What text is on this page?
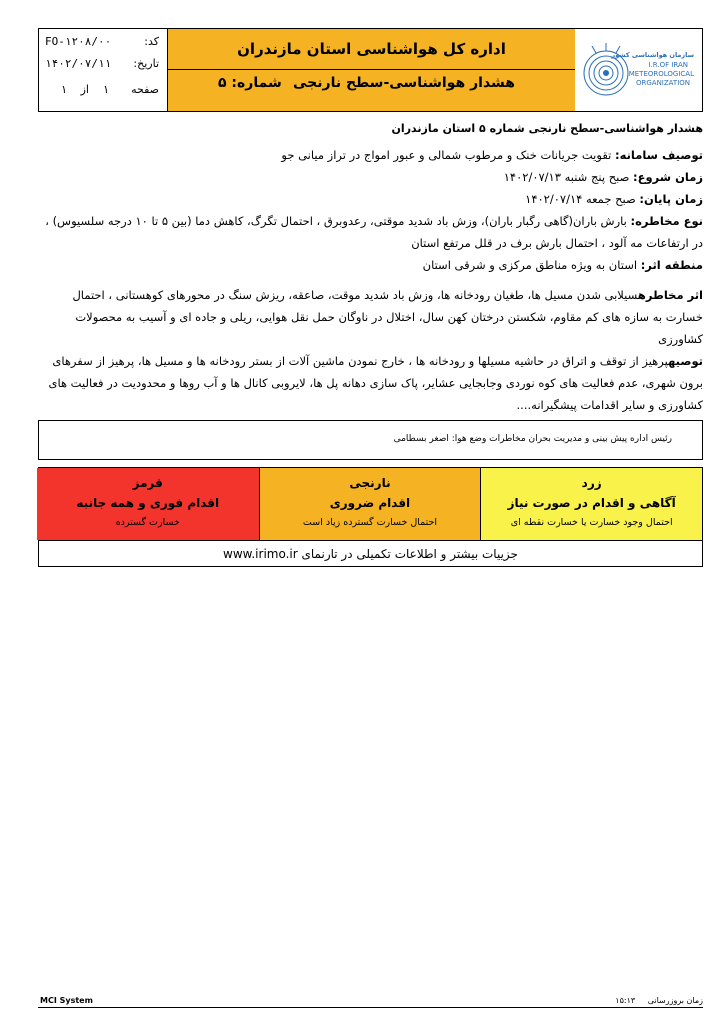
سازمان هواشناسی کشور
I.R.OF IRAN
METEOROLOGICAL
ORGANIZATION
اداره کل هواشناسی استان مازندران
هشدار هواشناسی-سطح نارنجی
شماره: ۵
کد:
FO-۱۲۰۸/۰۰
تاریخ:
۱۴۰۲/۰۷/۱۱
صفحه
۱
از
۱
هشدار هواشناسی-سطح نارنجی شماره ۵ استان مازندران
توصیف سامانه: تقویت جریانات خنک و مرطوب شمالی و عبور امواج در تراز میانی جو
زمان شروع: صبح پنج شنبه ۱۴۰۲/۰۷/۱۳
زمان پایان: صبح جمعه ۱۴۰۲/۰۷/۱۴
نوع مخاطره: بارش باران(گاهی رگبار باران)، وزش باد شدید موقتی، رعدوبرق ، احتمال تگرگ، کاهش دما (بین ۵ تا ۱۰ درجه سلسیوس) ، در ارتفاعات مه آلود ، احتمال بارش برف در قلل مرتفع استان
منطقه اثر: استان به ویژه مناطق مرکزی و شرقی استان
اثر مخاطرهسیلابی شدن مسیل ها، طغیان رودخانه ها، وزش باد شدید موقت، صاعقه، ریزش سنگ در محورهای کوهستانی ، احتمال خسارت به سازه های کم مقاوم، شکستن درختان کهن سال، اختلال در ناوگان حمل نقل هوایی، ریلی و جاده ای و آسیب به محصولات کشاورزی
توصیهپرهیز از توقف و اتراق در حاشیه مسیلها و رودخانه ها ، خارج نمودن ماشین آلات از بستر رودخانه ها و مسیل ها، پرهیز از سفرهای برون شهری، عدم فعالیت های کوه نوردی وجابجایی عشایر، پاک سازی دهانه پل ها، لایروبی کانال ها و آب روها و محدودیت در فعالیت های کشاورزی و سایر اقدامات پیشگیرانه....
رئیس اداره پیش بینی و مدیریت بحران مخاطرات وضع هوا: اصغر بسطامی
زرد
آگاهی و اقدام در صورت نیاز
احتمال وجود خسارت یا خسارت نقطه ای
نارنجی
اقدام ضروری
احتمال خسارت گسترده زیاد است
قرمز
اقدام فوری و همه جانبه
خسارت گسترده
جزییات بیشتر و اطلاعات تکمیلی در تارنمای www.irimo.ir
MCI System	زمان بروزرسانی ۱۵:۱۳
